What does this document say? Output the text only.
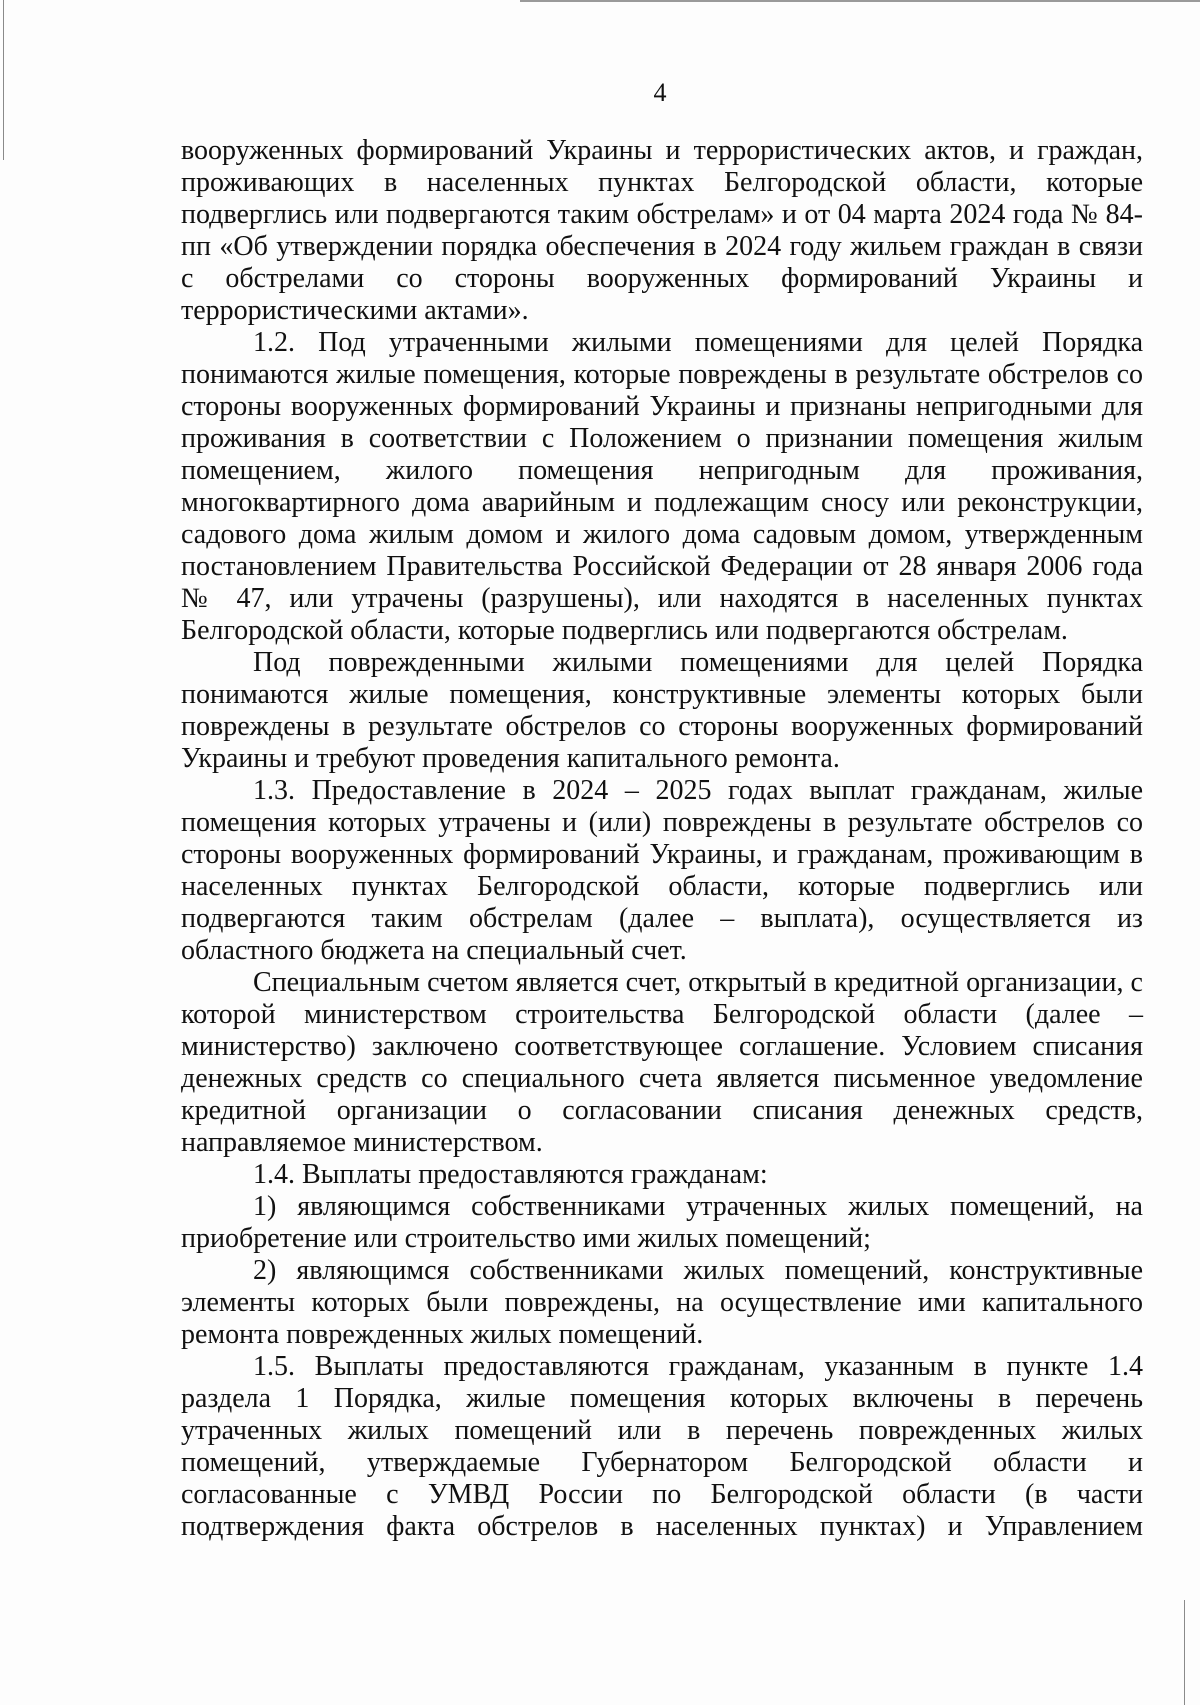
4

вооруженных формирований Украины и террористических актов, и граждан, проживающих в населенных пунктах Белгородской области, которые подверглись или подвергаются таким обстрелам» и от 04 марта 2024 года № 84-пп «Об утверждении порядка обеспечения в 2024 году жильем граждан в связи с обстрелами со стороны вооруженных формирований Украины и террористическими актами».

1.2. Под утраченными жилыми помещениями для целей Порядка понимаются жилые помещения, которые повреждены в результате обстрелов со стороны вооруженных формирований Украины и признаны непригодными для проживания в соответствии с Положением о признании помещения жилым помещением, жилого помещения непригодным для проживания, многоквартирного дома аварийным и подлежащим сносу или реконструкции, садового дома жилым домом и жилого дома садовым домом, утвержденным постановлением Правительства Российской Федерации от 28 января 2006 года № 47, или утрачены (разрушены), или находятся в населенных пунктах Белгородской области, которые подверглись или подвергаются обстрелам.

Под поврежденными жилыми помещениями для целей Порядка понимаются жилые помещения, конструктивные элементы которых были повреждены в результате обстрелов со стороны вооруженных формирований Украины и требуют проведения капитального ремонта.

1.3. Предоставление в 2024 – 2025 годах выплат гражданам, жилые помещения которых утрачены и (или) повреждены в результате обстрелов со стороны вооруженных формирований Украины, и гражданам, проживающим в населенных пунктах Белгородской области, которые подверглись или подвергаются таким обстрелам (далее – выплата), осуществляется из областного бюджета на специальный счет.

Специальным счетом является счет, открытый в кредитной организации, с которой министерством строительства Белгородской области (далее – министерство) заключено соответствующее соглашение. Условием списания денежных средств со специального счета является письменное уведомление кредитной организации о согласовании списания денежных средств, направляемое министерством.

1.4. Выплаты предоставляются гражданам:

1) являющимся собственниками утраченных жилых помещений, на приобретение или строительство ими жилых помещений;

2) являющимся собственниками жилых помещений, конструктивные элементы которых были повреждены, на осуществление ими капитального ремонта поврежденных жилых помещений.

1.5. Выплаты предоставляются гражданам, указанным в пункте 1.4 раздела 1 Порядка, жилые помещения которых включены в перечень утраченных жилых помещений или в перечень поврежденных жилых помещений, утверждаемые Губернатором Белгородской области и согласованные с УМВД России по Белгородской области (в части подтверждения факта обстрелов в населенных пунктах) и Управлением
